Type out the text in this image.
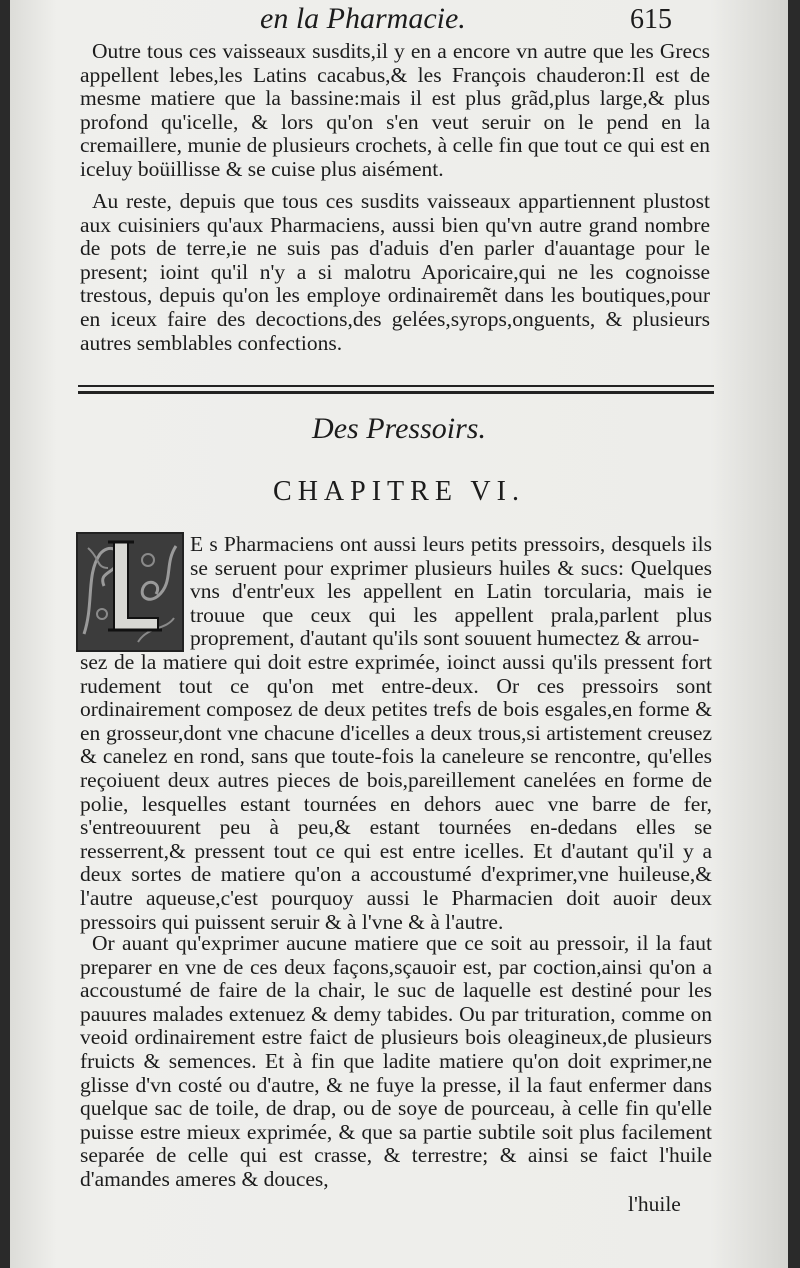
en la Pharmacie.	615

Outre tous ces vaisseaux susdits,il y en a encore vn autre que les Grecs appellent lebes,les Latins cacabus,& les François chauderon:Il est de mesme matiere que la bassine:mais il est plus grãd,plus large,& plus profond qu'icelle, & lors qu'on s'en veut seruir on le pend en la cremaillere, munie de plusieurs crochets, à celle fin que tout ce qui est en iceluy boüillisse & se cuise plus aisément.

Au reste, depuis que tous ces susdits vaisseaux appartiennent plustost aux cuisiniers qu'aux Pharmaciens, aussi bien qu'vn autre grand nombre de pots de terre,ie ne suis pas d'aduis d'en parler d'auantage pour le present; ioint qu'il n'y a si malotru Aporicaire,qui ne les cognoisse trestous, depuis qu'on les employe ordinairemẽt dans les boutiques,pour en iceux faire des decoctions,des gelées,syrops,onguents, & plusieurs autres semblables confections.

Des Pressoirs.
CHAPITRE VI.

E s Pharmaciens ont aussi leurs petits pressoirs, desquels ils se seruent pour exprimer plusieurs huiles & sucs: Quelques vns d'entr'eux les appellent en Latin torcularia, mais ie trouue que ceux qui les appellent prala,parlent plus proprement, d'autant qu'ils sont souuent humectez & arrou-

sez de la matiere qui doit estre exprimée, ioinct aussi qu'ils pressent fort rudement tout ce qu'on met entre-deux. Or ces pressoirs sont ordinairement composez de deux petites trefs de bois esgales,en forme & en grosseur,dont vne chacune d'icelles a deux trous,si artistement creusez & canelez en rond, sans que toute-fois la caneleure se rencontre, qu'elles reçoiuent deux autres pieces de bois,pareillement canelées en forme de polie, lesquelles estant tournées en dehors auec vne barre de fer, s'entreouurent peu à peu,& estant tournées en-dedans elles se resserrent,& pressent tout ce qui est entre icelles. Et d'autant qu'il y a deux sortes de matiere qu'on a accoustumé d'exprimer,vne huileuse,& l'autre aqueuse,c'est pourquoy aussi le Pharmacien doit auoir deux pressoirs qui puissent seruir & à l'vne & à l'autre.

Or auant qu'exprimer aucune matiere que ce soit au pressoir, il la faut preparer en vne de ces deux façons,sçauoir est, par coction,ainsi qu'on a accoustumé de faire de la chair, le suc de laquelle est destiné pour les pauures malades extenuez & demy tabides. Ou par trituration, comme on veoid ordinairement estre faict de plusieurs bois oleagineux,de plusieurs fruicts & semences. Et à fin que ladite matiere qu'on doit exprimer,ne glisse d'vn costé ou d'autre, & ne fuye la presse, il la faut enfermer dans quelque sac de toile, de drap, ou de soye de pourceau, à celle fin qu'elle puisse estre mieux exprimée, & que sa partie subtile soit plus facilement separée de celle qui est crasse, & terrestre; & ainsi se faict l'huile d'amandes ameres & douces,

l'huile
